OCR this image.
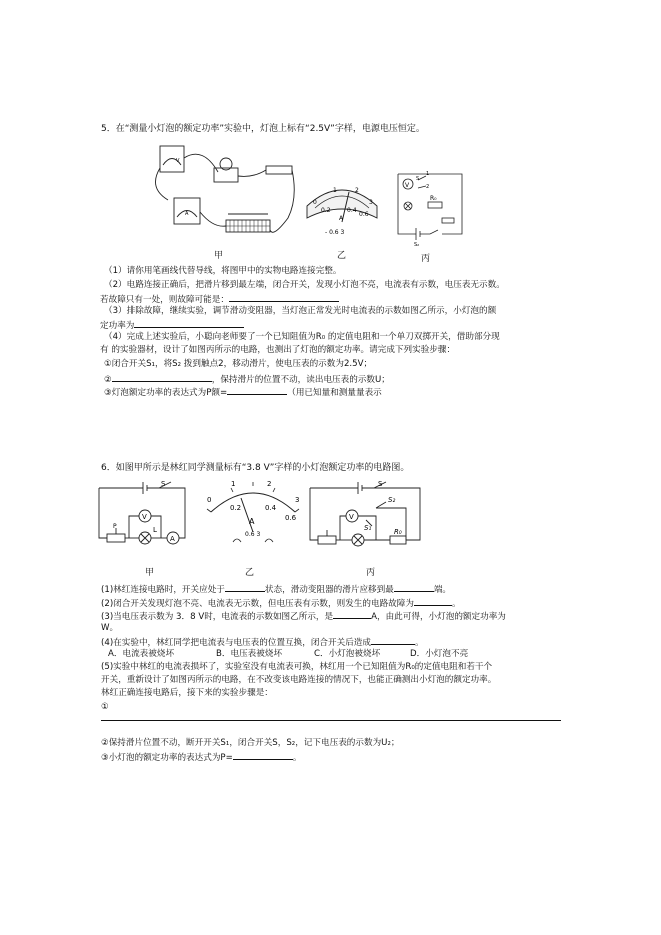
5．在“测量小灯泡的额定功率”实验中，灯泡上标有“2.5V”字样，电源电压恒定。
V
A
0
0.2	0.4
0.6
1	2
3
A
- 0.6 3
V
1
2
S
R₀
S₂
甲	乙	丙
（1）请你用笔画线代替导线，将图甲中的实物电路连接完整。
（2）电路连接正确后，把滑片移到最左端，闭合开关，发现小灯泡不亮，电流表有示数，电压表无示数。
若故障只有一处，则故障可能是：
（3）排除故障，继续实验，调节滑动变阻器，当灯泡正常发光时电流表的示数如图乙所示，小灯泡的额
定功率为
（4）完成上述实验后，小聪向老师要了一个已知阻值为R₀ 的定值电阻和一个单刀双掷开关，借助部分现
有 的实验器材，设计了如图丙所示的电路，也测出了灯泡的额定功率。请完成下列实验步骤：
①闭合开关S₁，将S₂ 拨到触点2，移动滑片，使电压表的示数为2.5V；
②	，保持滑片的位置不动，读出电压表的示数U；
③灯泡额定功率的表达式为P额=	（用已知量和测量量表示
6．如图甲所示是林红同学测量标有“3.8 V”字样的小灯泡额定功率的电路图。
S
V
L
A
P
0
1	2
3
0.2	0.4
0.6
A
0.6 3
S
V
S₂
S₁	R₀
甲	乙	丙
(1)林红连接电路时，开关应处于	状态，滑动变阻器的滑片应移到最	端。
(2)闭合开关发现灯泡不亮、电流表无示数，但电压表有示数，则发生的电路故障为	。
(3)当电压表示数为 3．8 V时，电流表的示数如图乙所示，是	A，由此可得，小灯泡的额定功率为
W。
(4)在实验中，林红同学把电流表与电压表的位置互换，闭合开关后造成	。
A．电流表被烧坏	B．电压表被烧坏	C．小灯泡被烧坏	D．小灯泡不亮
(5)实验中林红的电流表损坏了，实验室没有电流表可换，林红用一个已知阻值为R₀的定值电阻和若干个
开关，重新设计了如图丙所示的电路，在不改变该电路连接的情况下，也能正确测出小灯泡的额定功率。
林红正确连接电路后，接下来的实验步骤是：
①
②保持滑片位置不动，断开开关S₁，闭合开关S，S₂，记下电压表的示数为U₂；
③小灯泡的额定功率的表达式为P=	。
